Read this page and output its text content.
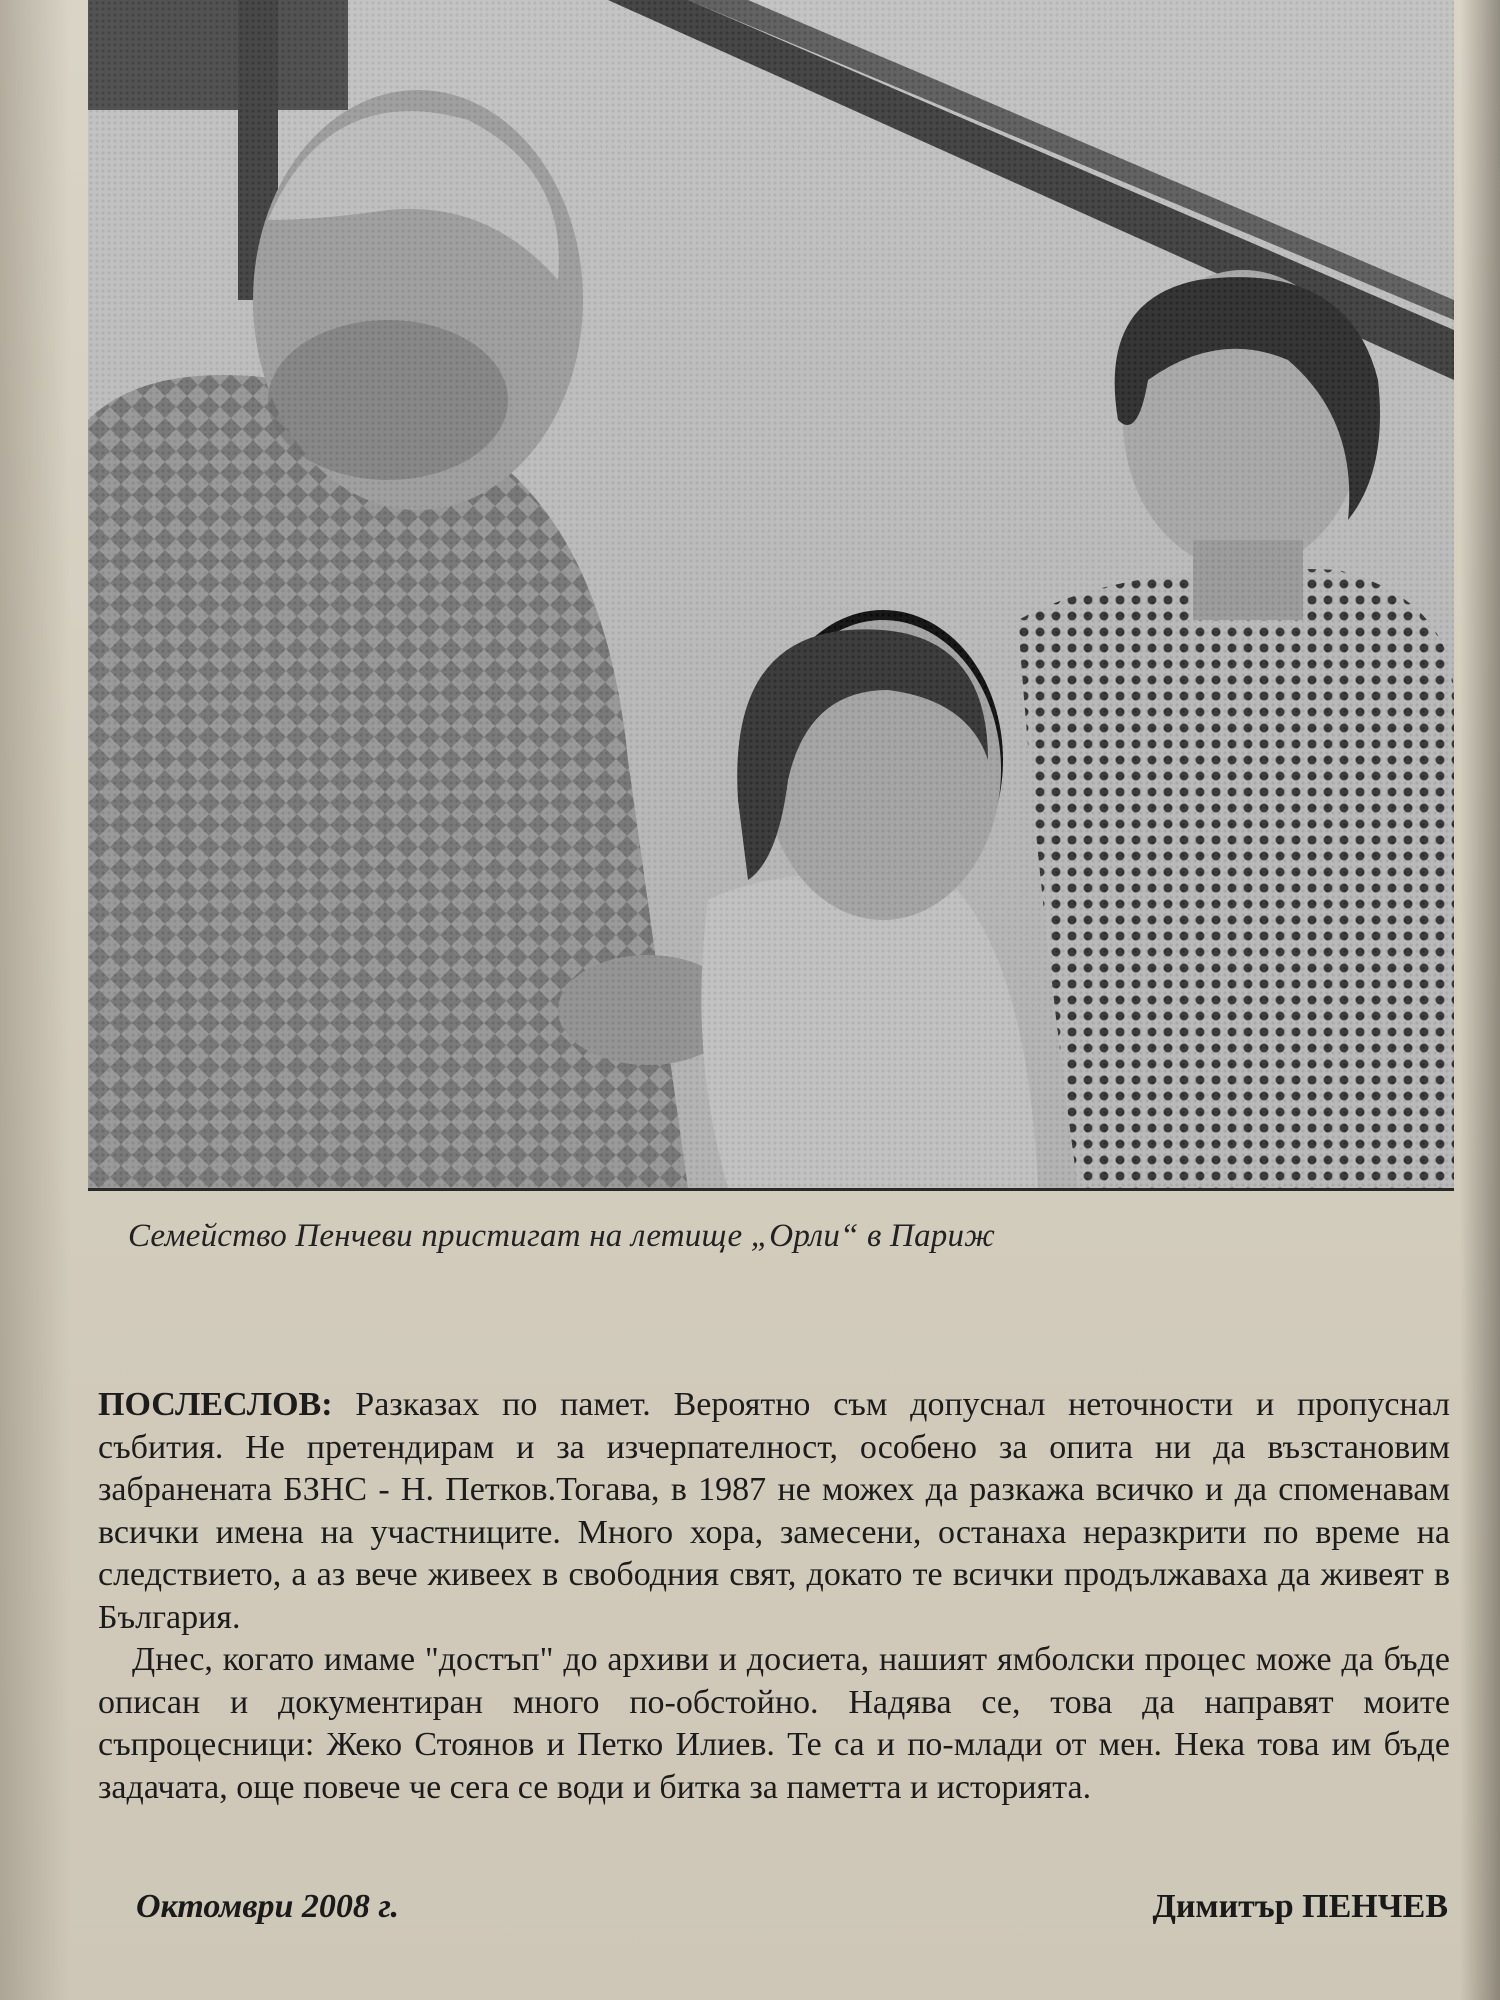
Семейство Пенчеви пристигат на летище „Орли“ в Париж

ПОСЛЕСЛОВ: Разказах по памет. Вероятно съм допуснал неточности и пропуснал събития. Не претендирам и за изчерпателност, особено за опита ни да възстановим забранената БЗНС - Н. Петков.Тогава, в 1987 не можех да разкажа всичко и да споменавам всички имена на участниците. Много хора, замесени, останаха неразкрити по време на следствието, а аз вече живеех в свободния свят, докато те всички продължаваха да живеят в България.

Днес, когато имаме "достъп" до архиви и досиета, нашият ямболски процес може да бъде описан и документиран много по-обстойно. Надява се, това да направят моите съпроцесници: Жеко Стоянов и Петко Илиев. Те са и по-млади от мен. Нека това им бъде задачата, още повече че сега се води и битка за паметта и историята.

Октомври 2008 г.	Димитър ПЕНЧЕВ
